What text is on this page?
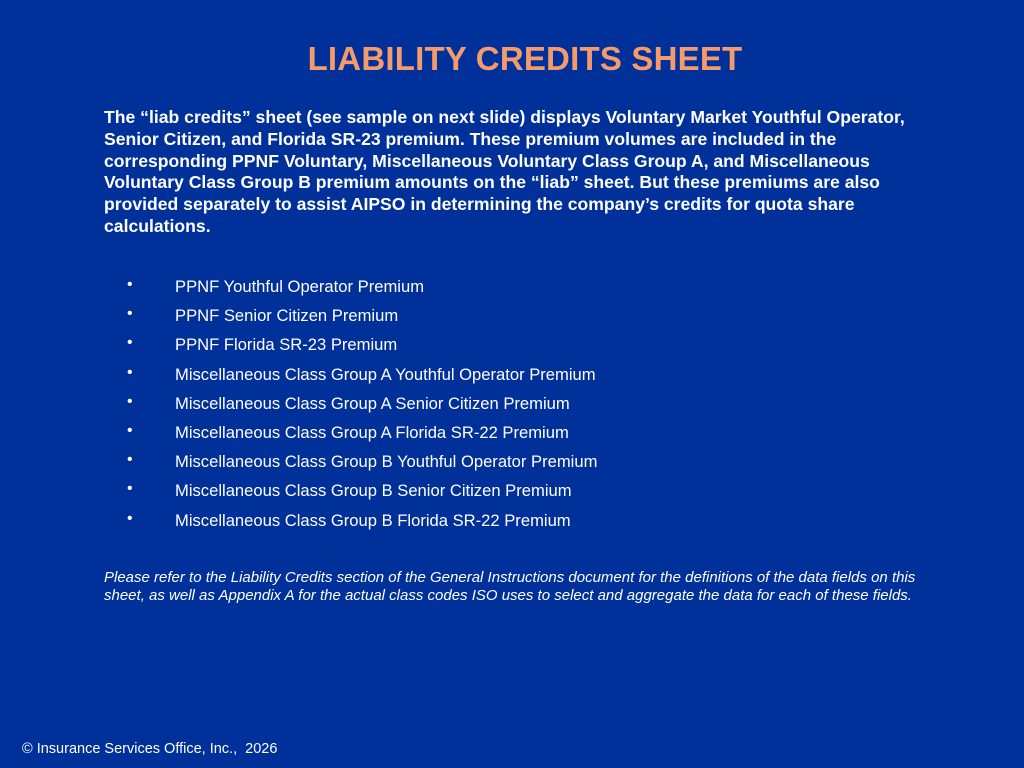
LIABILITY CREDITS SHEET

The “liab credits” sheet (see sample on next slide) displays Voluntary Market Youthful Operator, Senior Citizen, and Florida SR-23 premium. These premium volumes are included in the corresponding PPNF Voluntary, Miscellaneous Voluntary Class Group A, and Miscellaneous Voluntary Class Group B premium amounts on the “liab” sheet. But these premiums are also provided separately to assist AIPSO in determining the company’s credits for quota share calculations.

•	PPNF Youthful Operator Premium
•	PPNF Senior Citizen Premium
•	PPNF Florida SR-23 Premium
•	Miscellaneous Class Group A Youthful Operator Premium
•	Miscellaneous Class Group A Senior Citizen Premium
•	Miscellaneous Class Group A Florida SR-22 Premium
•	Miscellaneous Class Group B Youthful Operator Premium
•	Miscellaneous Class Group B Senior Citizen Premium
•	Miscellaneous Class Group B Florida SR-22 Premium

Please refer to the Liability Credits section of the General Instructions document for the definitions of the data fields on this sheet, as well as Appendix A for the actual class codes ISO uses to select and aggregate the data for each of these fields.

© Insurance Services Office, Inc.,  2026
